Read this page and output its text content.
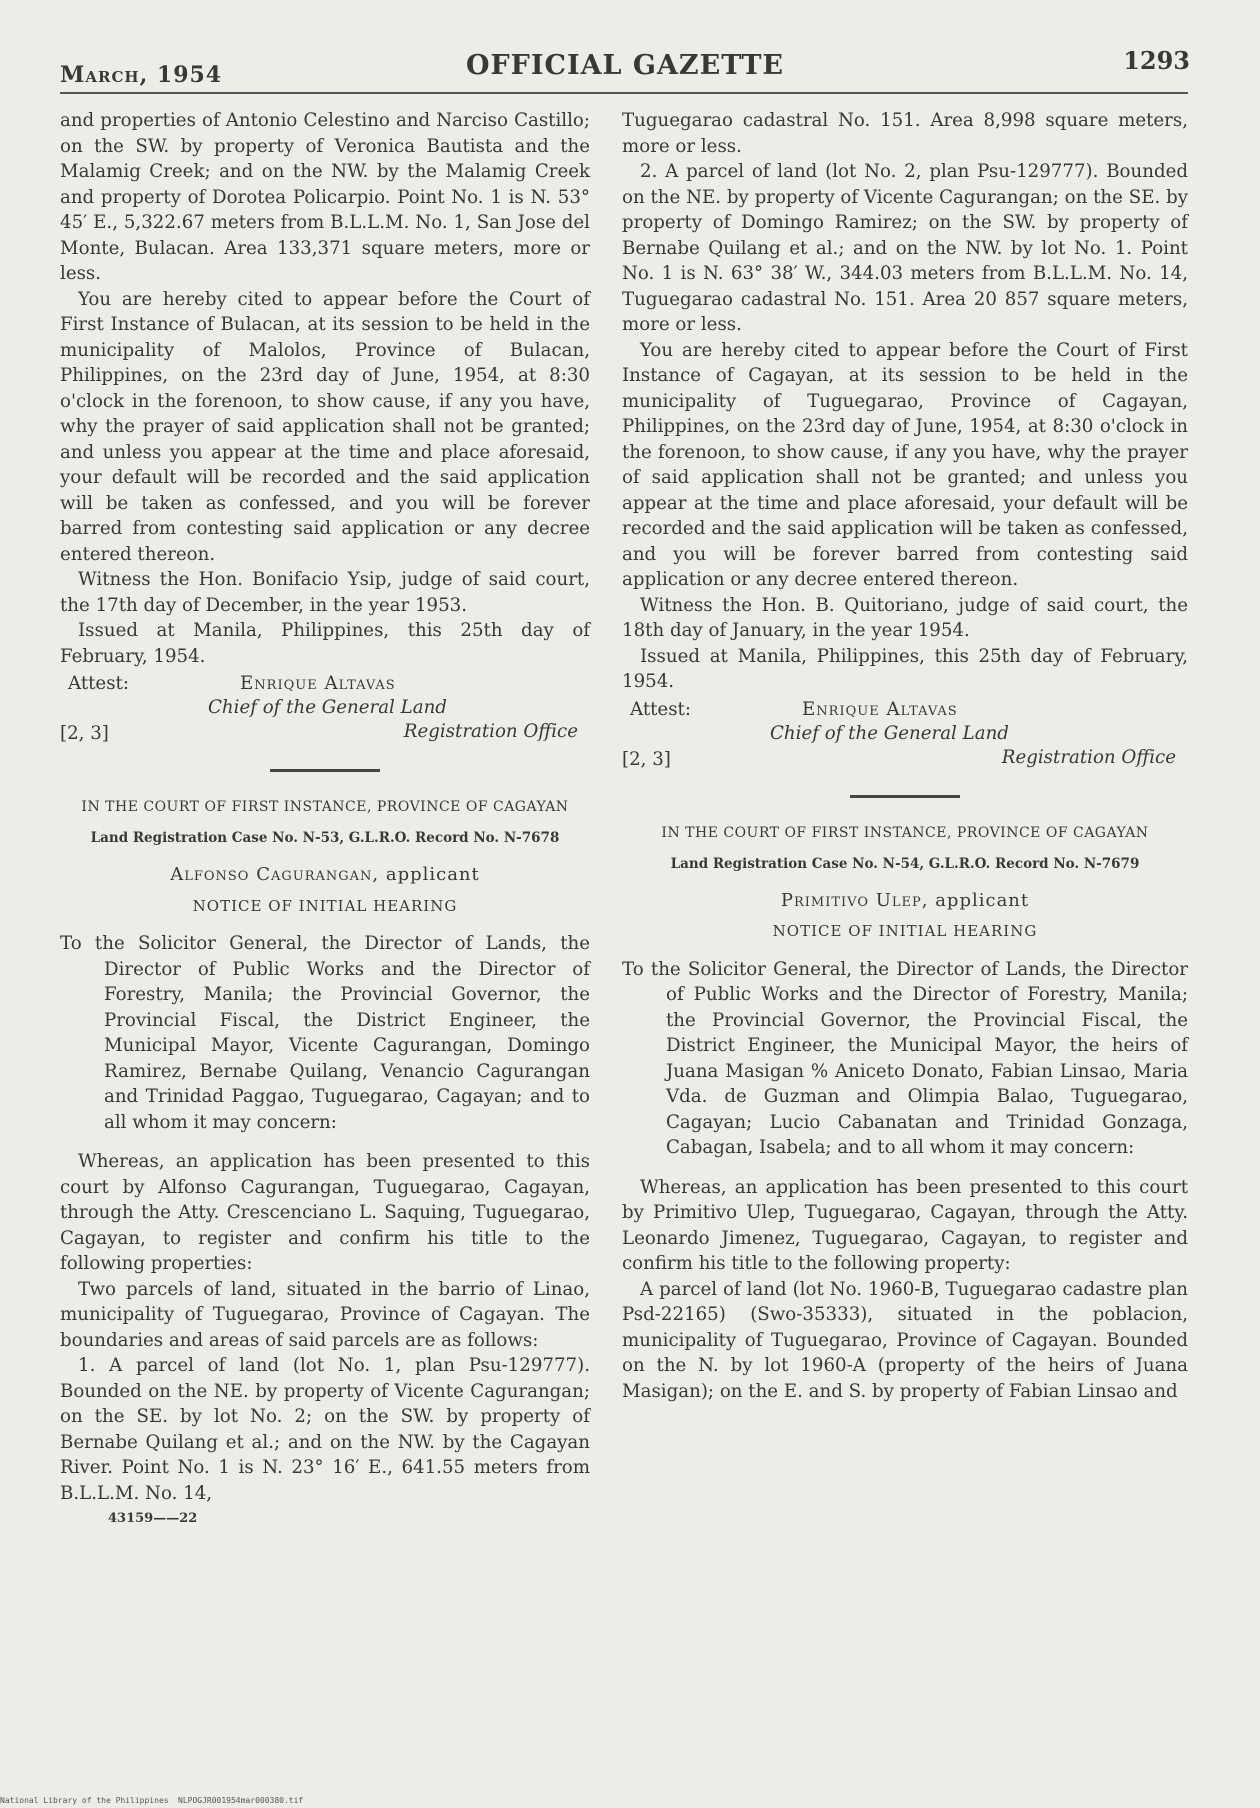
March, 1954	OFFICIAL GAZETTE	1293

and properties of Antonio Celestino and Narciso Castillo; on the SW. by property of Veronica Bautista and the Malamig Creek; and on the NW. by the Malamig Creek and property of Dorotea Policarpio. Point No. 1 is N. 53° 45′ E., 5,322.67 meters from B.L.L.M. No. 1, San Jose del Monte, Bulacan. Area 133,371 square meters, more or less.

You are hereby cited to appear before the Court of First Instance of Bulacan, at its session to be held in the municipality of Malolos, Province of Bulacan, Philippines, on the 23rd day of June, 1954, at 8:30 o'clock in the forenoon, to show cause, if any you have, why the prayer of said application shall not be granted; and unless you appear at the time and place aforesaid, your default will be recorded and the said application will be taken as confessed, and you will be forever barred from contesting said application or any decree entered thereon.

Witness the Hon. Bonifacio Ysip, judge of said court, the 17th day of December, in the year 1953.

Issued at Manila, Philippines, this 25th day of February, 1954.

Attest:	Enrique Altavas
Chief of the General Land
[2, 3]	Registration Office
IN THE COURT OF FIRST INSTANCE, PROVINCE OF CAGAYAN
Land Registration Case No. N-53, G.L.R.O. Record No. N-7678
Alfonso Cagurangan, applicant
NOTICE OF INITIAL HEARING

To the Solicitor General, the Director of Lands, the Director of Public Works and the Director of Forestry, Manila; the Provincial Governor, the Provincial Fiscal, the District Engineer, the Municipal Mayor, Vicente Cagurangan, Domingo Ramirez, Bernabe Quilang, Venancio Cagurangan and Trinidad Paggao, Tuguegarao, Cagayan; and to all whom it may concern:

Whereas, an application has been presented to this court by Alfonso Cagurangan, Tuguegarao, Cagayan, through the Atty. Crescenciano L. Saquing, Tuguegarao, Cagayan, to register and confirm his title to the following properties:

Two parcels of land, situated in the barrio of Linao, municipality of Tuguegarao, Province of Cagayan. The boundaries and areas of said parcels are as follows:

1. A parcel of land (lot No. 1, plan Psu-129777). Bounded on the NE. by property of Vicente Cagurangan; on the SE. by lot No. 2; on the SW. by property of Bernabe Quilang et al.; and on the NW. by the Cagayan River. Point No. 1 is N. 23° 16′ E., 641.55 meters from B.L.L.M. No. 14,

43159——22

Tuguegarao cadastral No. 151. Area 8,998 square meters, more or less.

2. A parcel of land (lot No. 2, plan Psu-129777). Bounded on the NE. by property of Vicente Cagurangan; on the SE. by property of Domingo Ramirez; on the SW. by property of Bernabe Quilang et al.; and on the NW. by lot No. 1. Point No. 1 is N. 63° 38′ W., 344.03 meters from B.L.L.M. No. 14, Tuguegarao cadastral No. 151. Area 20 857 square meters, more or less.

You are hereby cited to appear before the Court of First Instance of Cagayan, at its session to be held in the municipality of Tuguegarao, Province of Cagayan, Philippines, on the 23rd day of June, 1954, at 8:30 o'clock in the forenoon, to show cause, if any you have, why the prayer of said application shall not be granted; and unless you appear at the time and place aforesaid, your default will be recorded and the said application will be taken as confessed, and you will be forever barred from contesting said application or any decree entered thereon.

Witness the Hon. B. Quitoriano, judge of said court, the 18th day of January, in the year 1954.

Issued at Manila, Philippines, this 25th day of February, 1954.

Attest:	Enrique Altavas
Chief of the General Land
[2, 3]	Registration Office
IN THE COURT OF FIRST INSTANCE, PROVINCE OF CAGAYAN
Land Registration Case No. N-54, G.L.R.O. Record No. N-7679
Primitivo Ulep, applicant
NOTICE OF INITIAL HEARING

To the Solicitor General, the Director of Lands, the Director of Public Works and the Director of Forestry, Manila; the Provincial Governor, the Provincial Fiscal, the District Engineer, the Municipal Mayor, the heirs of Juana Masigan % Aniceto Donato, Fabian Linsao, Maria Vda. de Guzman and Olimpia Balao, Tuguegarao, Cagayan; Lucio Cabanatan and Trinidad Gonzaga, Cabagan, Isabela; and to all whom it may concern:

Whereas, an application has been presented to this court by Primitivo Ulep, Tuguegarao, Cagayan, through the Atty. Leonardo Jimenez, Tuguegarao, Cagayan, to register and confirm his title to the following property:

A parcel of land (lot No. 1960-B, Tuguegarao cadastre plan Psd-22165) (Swo-35333), situated in the poblacion, municipality of Tuguegarao, Province of Cagayan. Bounded on the N. by lot 1960-A (property of the heirs of Juana Masigan); on the E. and S. by property of Fabian Linsao and

National Library of the Philippines NLPOGJR001954mar000380.tif
